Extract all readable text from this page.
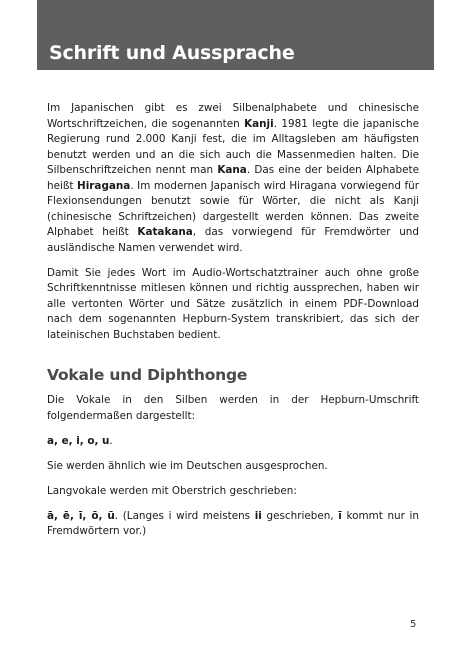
Schrift und Aussprache

Im Japanischen gibt es zwei Silbenalphabete und chinesische Wortschriftzeichen, die sogenannten Kanji. 1981 legte die japanische Regierung rund 2.000 Kanji fest, die im Alltagsleben am häufigsten benutzt werden und an die sich auch die Massenmedien halten. Die Silbenschriftzeichen nennt man Kana. Das eine der beiden Alphabete heißt Hiragana. Im modernen Japanisch wird Hiragana vorwiegend für Flexionsendungen benutzt sowie für Wörter, die nicht als Kanji (chinesische Schriftzeichen) dargestellt werden können. Das zweite Alphabet heißt Katakana, das vorwiegend für Fremdwörter und ausländische Namen verwendet wird.

Damit Sie jedes Wort im Audio-Wortschatztrainer auch ohne große Schriftkenntnisse mitlesen können und richtig aussprechen, haben wir alle vertonten Wörter und Sätze zusätzlich in einem PDF-Download nach dem sogenannten Hepburn-System transkribiert, das sich der lateinischen Buchstaben bedient.

Vokale und Diphthonge

Die Vokale in den Silben werden in der Hepburn-Umschrift folgendermaßen dargestellt:

a, e, i, o, u.

Sie werden ähnlich wie im Deutschen ausgesprochen.

Langvokale werden mit Oberstrich geschrieben:

ā, ē, ī, ō, ū. (Langes i wird meistens ii geschrieben, ī kommt nur in Fremdwörtern vor.)

5
